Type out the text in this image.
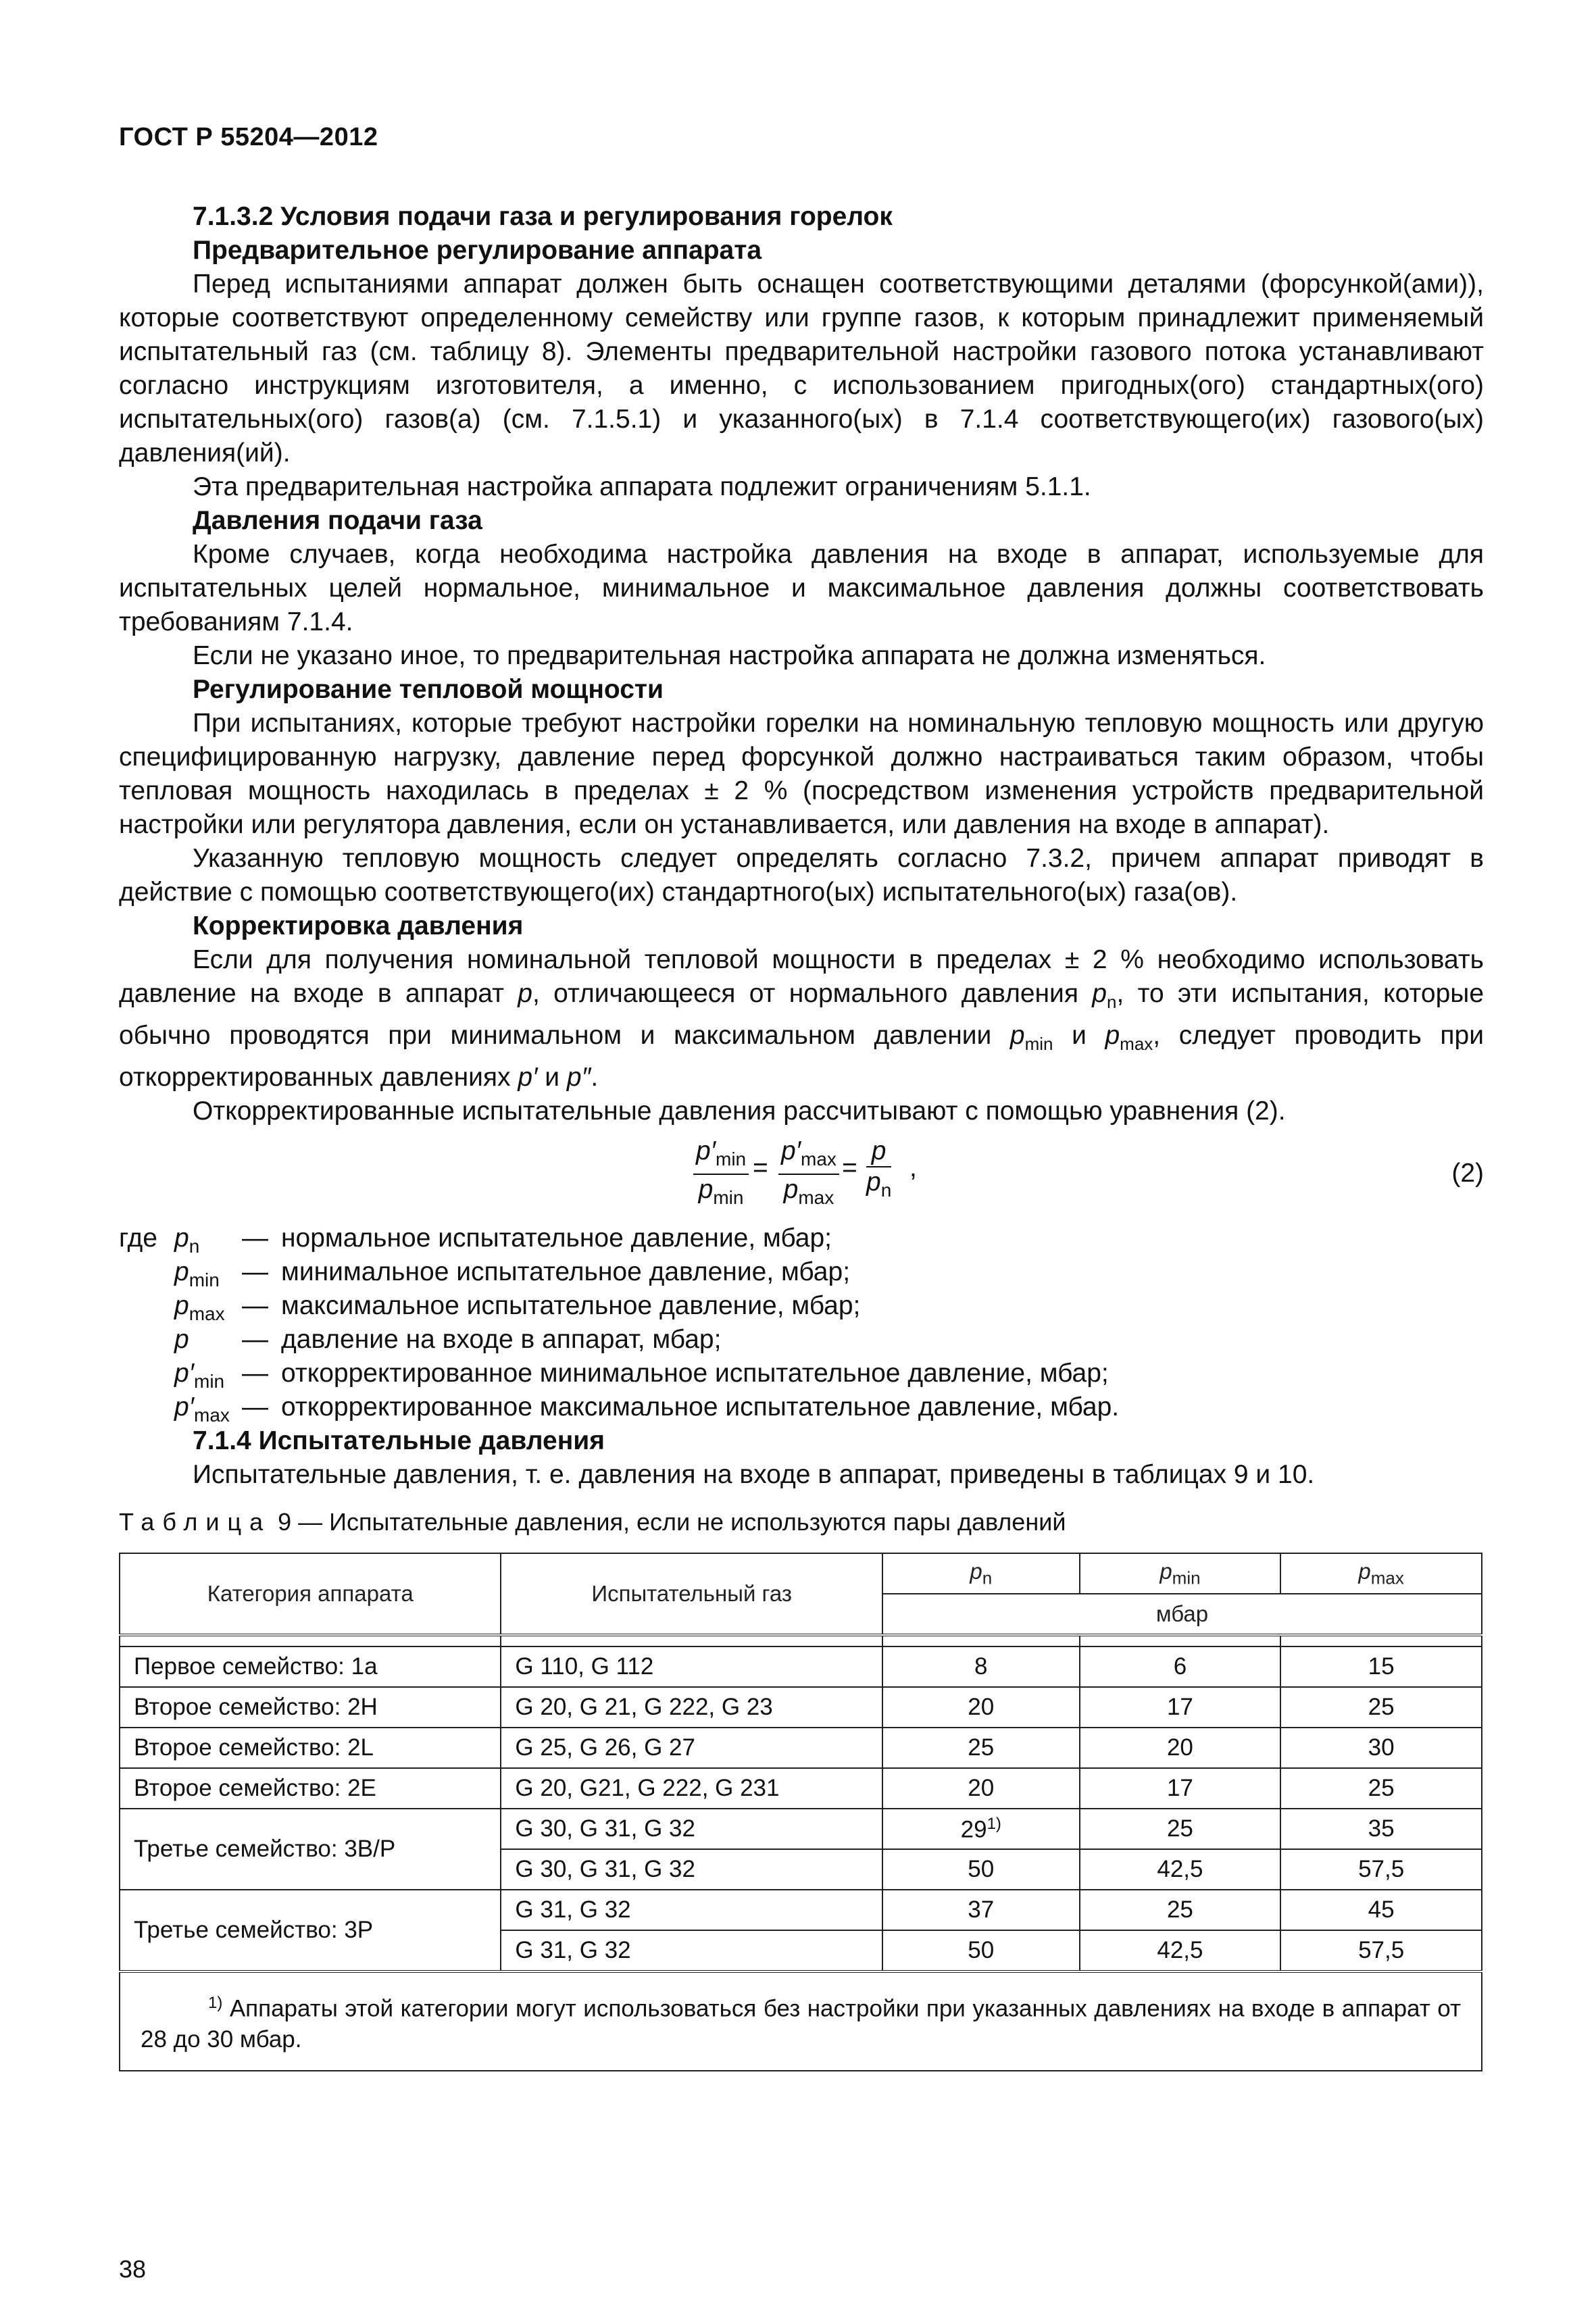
ГОСТ Р 55204—2012

7.1.3.2 Условия подачи газа и регулирования горелок

Предварительное регулирование аппарата

Перед испытаниями аппарат должен быть оснащен соответствующими деталями (форсункой(ами)), которые соответствуют определенному семейству или группе газов, к которым принадлежит применяемый испытательный газ (см. таблицу 8). Элементы предварительной настройки газового потока устанавливают согласно инструкциям изготовителя, а именно, с использованием пригодных(ого) стандартных(ого) испытательных(ого) газов(а) (см. 7.1.5.1) и указанного(ых) в 7.1.4 соответствующего(их) газового(ых) давления(ий).

Эта предварительная настройка аппарата подлежит ограничениям 5.1.1.

Давления подачи газа

Кроме случаев, когда необходима настройка давления на входе в аппарат, используемые для испытательных целей нормальное, минимальное и максимальное давления должны соответствовать требованиям 7.1.4.

Если не указано иное, то предварительная настройка аппарата не должна изменяться.

Регулирование тепловой мощности

При испытаниях, которые требуют настройки горелки на номинальную тепловую мощность или другую специфицированную нагрузку, давление перед форсункой должно настраиваться таким образом, чтобы тепловая мощность находилась в пределах ± 2 % (посредством изменения устройств предварительной настройки или регулятора давления, если он устанавливается, или давления на входе в аппарат).

Указанную тепловую мощность следует определять согласно 7.3.2, причем аппарат приводят в действие с помощью соответствующего(их) стандартного(ых) испытательного(ых) газа(ов).

Корректировка давления

Если для получения номинальной тепловой мощности в пределах ± 2 % необходимо использовать давление на входе в аппарат p, отличающееся от нормального давления $p_n$, то эти испытания, которые обычно проводятся при минимальном и максимальном давлении $p_{min}$ и $p_{max}$, следует проводить при откорректированных давлениях p′ и p″.

Откорректированные испытательные давления рассчитывают с помощью уравнения (2).

$p'_{min}$
$p_{min}$
=
$p'_{max}$
$p_{max}$
= $\frac{p}{p_n}$ ,	(2)
где $p_n$	— нормальное испытательное давление, мбар;
$p_{min}$ — минимальное испытательное давление, мбар;
$p_{max}$ — максимальное испытательное давление, мбар;
p	— давление на входе в аппарат, мбар;
$p'_{min}$ — откорректированное минимальное испытательное давление, мбар;
$p'_{max}$ — откорректированное максимальное испытательное давление, мбар.

7.1.4 Испытательные давления

Испытательные давления, т. е. давления на входе в аппарат, приведены в таблицах 9 и 10.

Таблица 9 — Испытательные давления, если не используются пары давлений
Категория аппарата	Испытательный газ	$p_n$	$p_{min}$	$p_{max}$
		мбар		

Первое семейство: 1a	G 110, G 112	8	6	15
Второе семейство: 2H	G 20, G 21, G 222, G 23	20	17	25
Второе семейство: 2L	G 25, G 26, G 27	25	20	30
Второе семейство: 2E	G 20, G21, G 222, G 231	20	17	25
Третье семейство: 3B/P	G 30, G 31, G 32	29$^{1)}$	25	35
	G 30, G 31, G 32	50	42,5	57,5
Третье семейство: 3P	G 31, G 32	37	25	45
	G 31, G 32	50	42,5	57,5
$^{1)}$ Аппараты этой категории могут использоваться без настройки при указанных давлениях на входе в аппарат от 28 до 30 мбар.				
38
